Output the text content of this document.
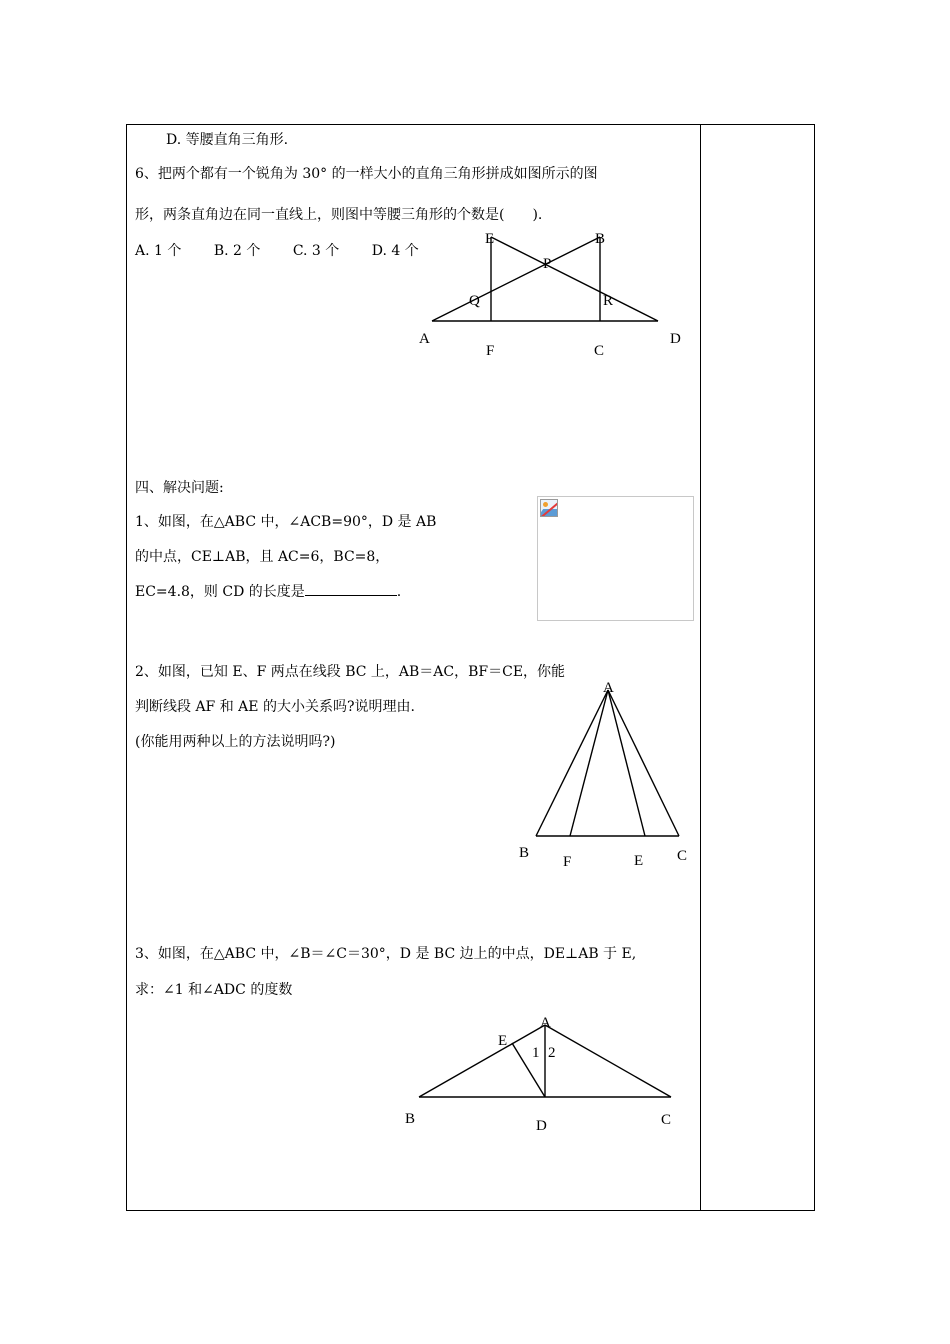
D. 等腰直角三角形.
6、把两个都有一个锐角为 30° 的一样大小的直角三角形拼成如图所示的图
形，两条直角边在同一直线上，则图中等腰三角形的个数是(　　).
A. 1 个　　 B. 2 个　　 C. 3 个　　 D. 4 个
E	B
P
Q	R
A	D
F	C
A
B
F	E C
A
E
1 2
B	D	C
四、解决问题:
1、如图，在△ABC 中，∠ACB=90°，D 是 AB
的中点，CE⊥AB，且 AC=6，BC=8，
EC=4.8，则 CD 的长度是	.
2、如图，已知 E、F 两点在线段 BC 上，AB＝AC，BF＝CE，你能
判断线段 AF 和 AE 的大小关系吗?说明理由.
(你能用两种以上的方法说明吗?)
3、如图，在△ABC 中，∠B＝∠C＝30°，D 是 BC 边上的中点，DE⊥AB 于 E,
求：∠1 和∠ADC 的度数
